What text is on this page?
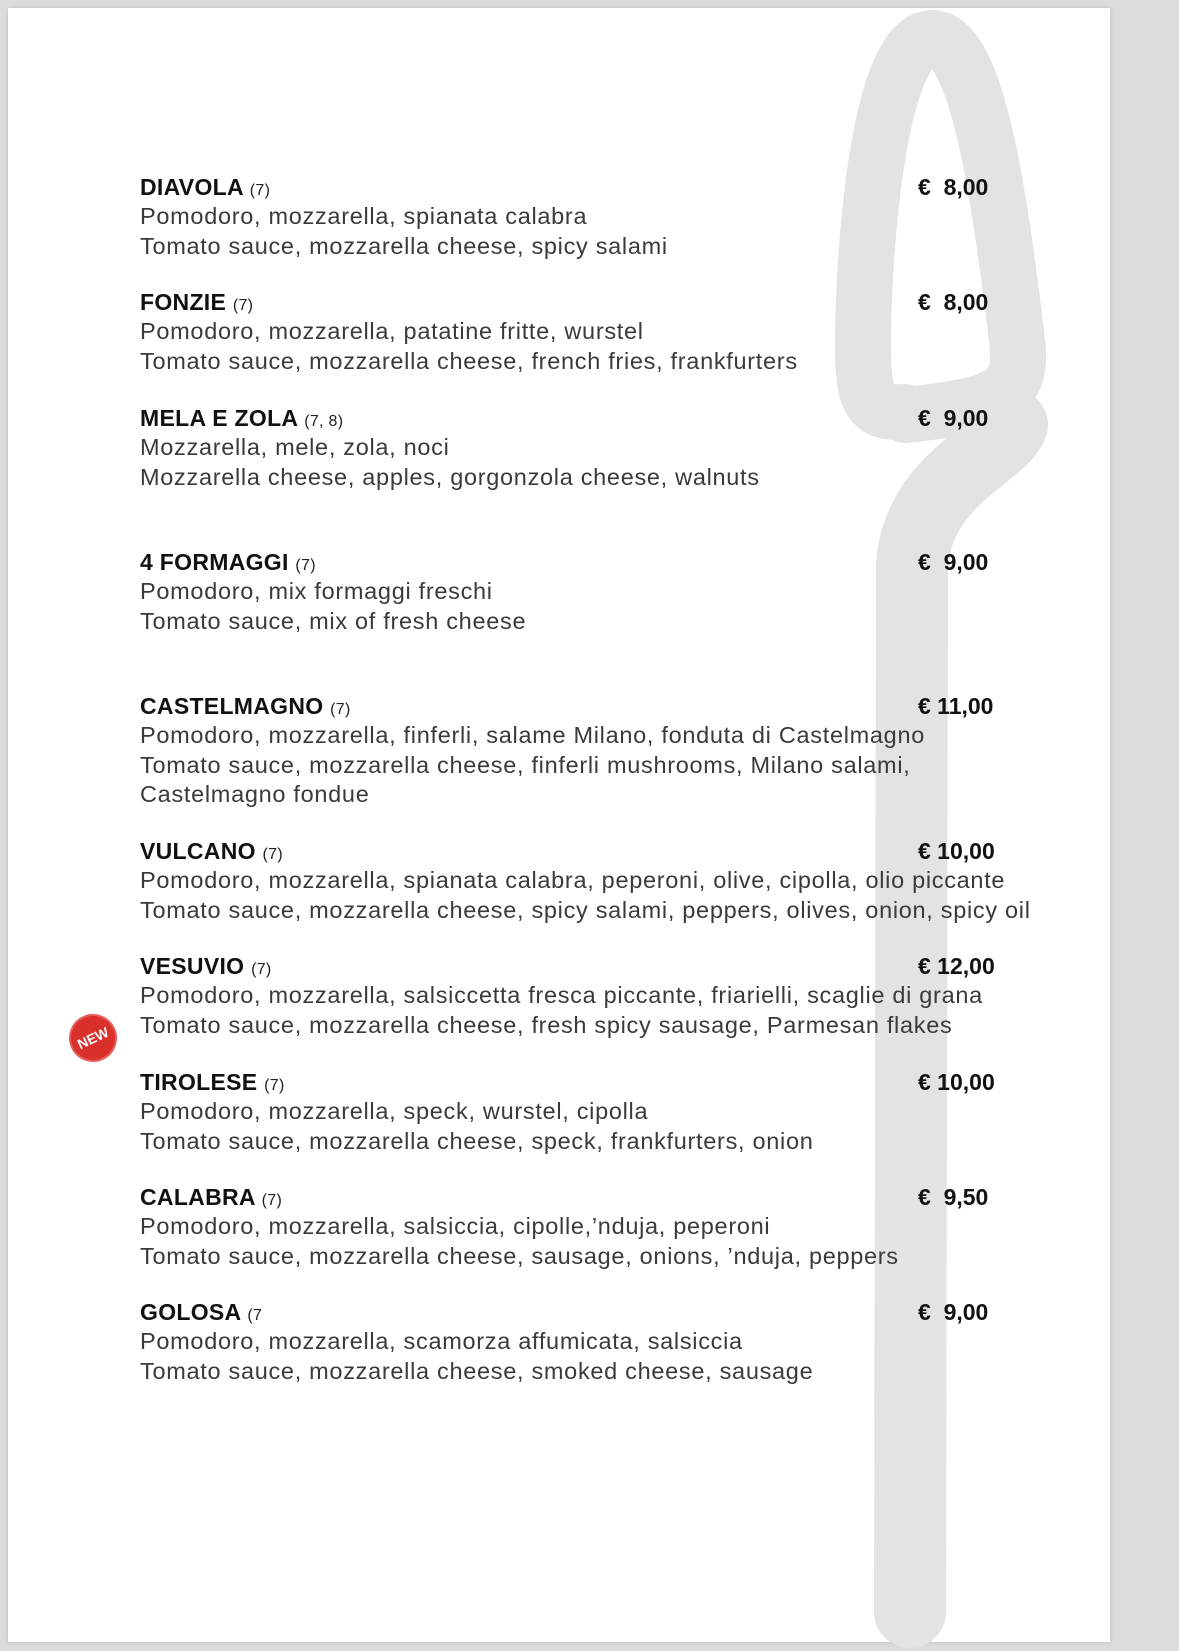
NEW
DIAVOLA (7)	€  8,00
Pomodoro, mozzarella, spianata calabra
Tomato sauce, mozzarella cheese, spicy salami
FONZIE (7)	€  8,00
Pomodoro, mozzarella, patatine fritte, wurstel
Tomato sauce, mozzarella cheese, french fries, frankfurters
MELA E ZOLA (7, 8)	€  9,00
Mozzarella, mele, zola, noci
Mozzarella cheese, apples, gorgonzola cheese, walnuts
4 FORMAGGI (7)	€  9,00
Pomodoro, mix formaggi freschi
Tomato sauce, mix of fresh cheese
CASTELMAGNO (7)	€ 11,00
Pomodoro, mozzarella, finferli, salame Milano, fonduta di Castelmagno
Tomato sauce, mozzarella cheese, finferli mushrooms, Milano salami,
Castelmagno fondue
VULCANO (7)	€ 10,00
Pomodoro, mozzarella, spianata calabra, peperoni, olive, cipolla, olio piccante
Tomato sauce, mozzarella cheese, spicy salami, peppers, olives, onion, spicy oil
VESUVIO (7)	€ 12,00
Pomodoro, mozzarella, salsiccetta fresca piccante, friarielli, scaglie di grana
Tomato sauce, mozzarella cheese, fresh spicy sausage, Parmesan flakes
TIROLESE (7)	€ 10,00
Pomodoro, mozzarella, speck, wurstel, cipolla
Tomato sauce, mozzarella cheese, speck, frankfurters, onion
CALABRA (7)	€  9,50
Pomodoro, mozzarella, salsiccia, cipolle,’nduja, peperoni
Tomato sauce, mozzarella cheese, sausage, onions, ’nduja, peppers
GOLOSA (7	€  9,00
Pomodoro, mozzarella, scamorza affumicata, salsiccia
Tomato sauce, mozzarella cheese, smoked cheese, sausage
